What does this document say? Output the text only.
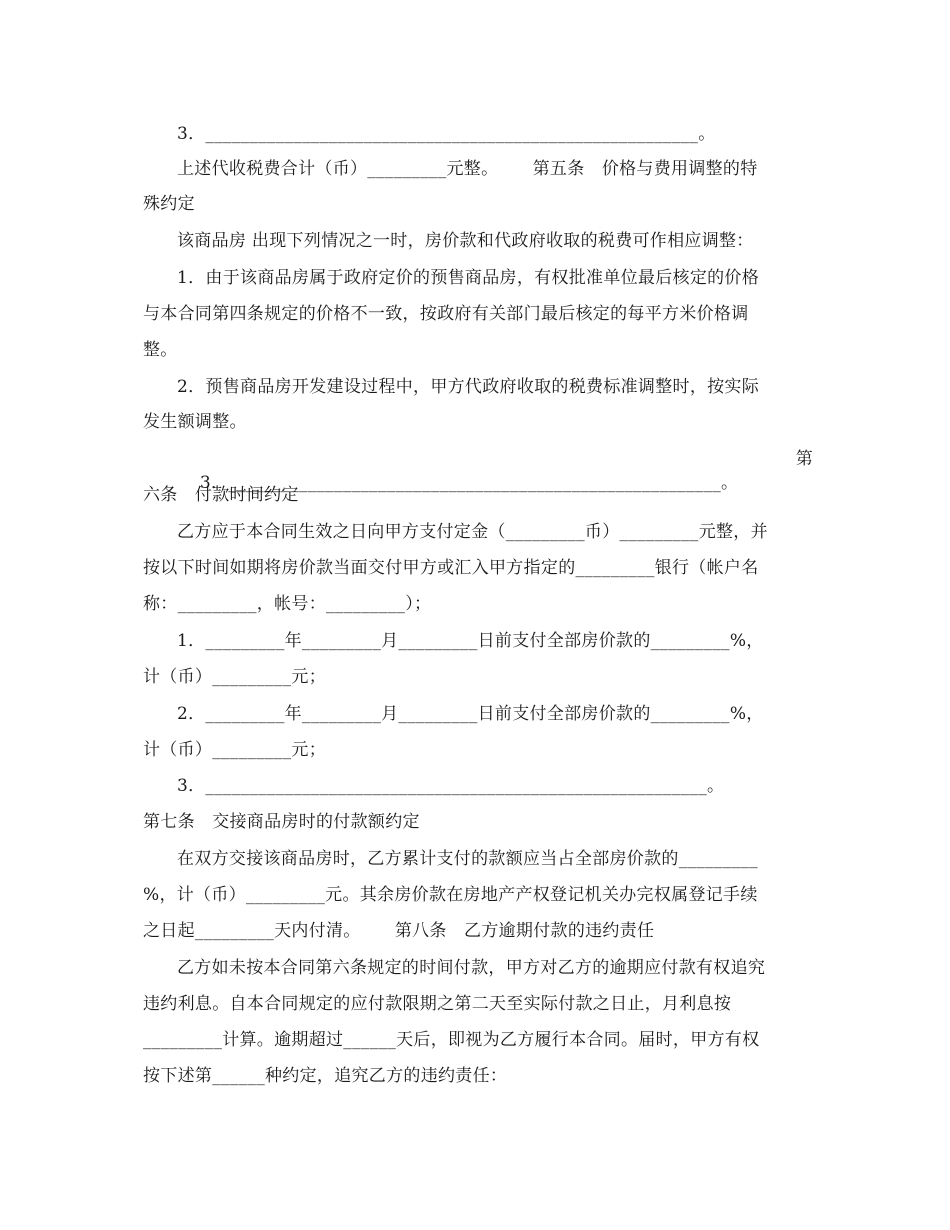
3．________________________________________________________。
上述代收税费合计（币）_________元整。      第五条　价格与费用调整的特
殊约定
该商品房 出现下列情况之一时，房价款和代政府收取的税费可作相应调整：
1．由于该商品房属于政府定价的预售商品房，有权批准单位最后核定的价格
与本合同第四条规定的价格不一致，按政府有关部门最后核定的每平方米价格调
整。
2．预售商品房开发建设过程中，甲方代政府收取的税费标准调整时，按实际
发生额调整。

3．________________________________________________________。

第

六条　付款时间约定
乙方应于本合同生效之日向甲方支付定金（_________币）_________元整，并
按以下时间如期将房价款当面交付甲方或汇入甲方指定的_________银行（帐户名
称：_________，帐号：_________）；
1．_________年_________月_________日前支付全部房价款的_________%，
计（币）_________元；
2．_________年_________月_________日前支付全部房价款的_________%，
计（币）_________元；
3．_________________________________________________________。
第七条　交接商品房时的付款额约定
在双方交接该商品房时，乙方累计支付的款额应当占全部房价款的_________
%，计（币）_________元。其余房价款在房地产产权登记机关办完权属登记手续
之日起_________天内付清。      第八条　乙方逾期付款的违约责任
乙方如未按本合同第六条规定的时间付款，甲方对乙方的逾期应付款有权追究
违约利息。自本合同规定的应付款限期之第二天至实际付款之日止，月利息按
_________计算。逾期超过______天后，即视为乙方履行本合同。届时，甲方有权
按下述第______种约定，追究乙方的违约责任：
